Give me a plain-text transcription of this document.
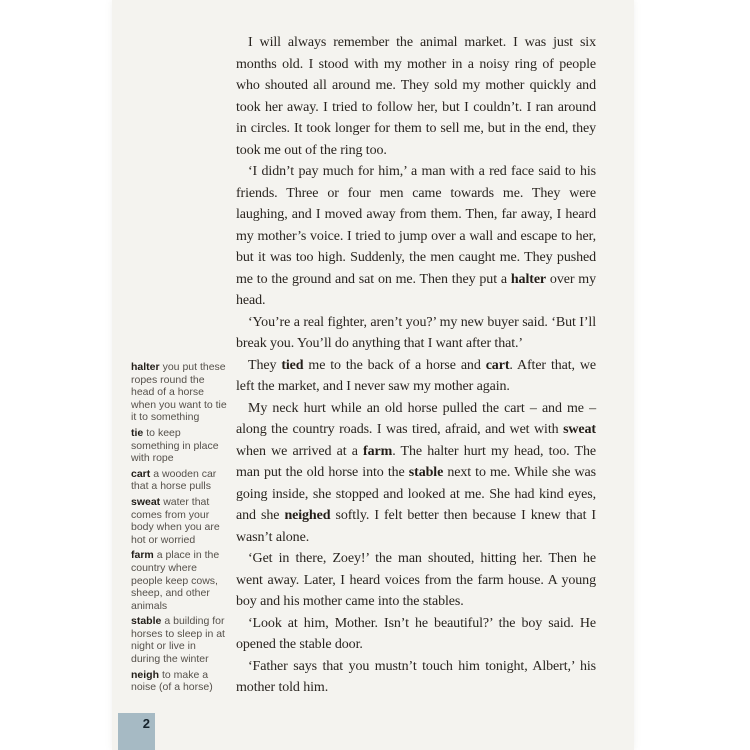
halter you put these ropes round the head of a horse when you want to tie it to something
tie to keep something in place with rope
cart a wooden car that a horse pulls
sweat water that comes from your body when you are hot or worried
farm a place in the country where people keep cows, sheep, and other animals
stable a building for horses to sleep in at night or live in during the winter
neigh to make a noise (of a horse)

I will always remember the animal market. I was just six months old. I stood with my mother in a noisy ring of people who shouted all around me. They sold my mother quickly and took her away. I tried to follow her, but I couldn’t. I ran around in circles. It took longer for them to sell me, but in the end, they took me out of the ring too.

‘I didn’t pay much for him,’ a man with a red face said to his friends. Three or four men came towards me. They were laughing, and I moved away from them. Then, far away, I heard my mother’s voice. I tried to jump over a wall and escape to her, but it was too high. Suddenly, the men caught me. They pushed me to the ground and sat on me. Then they put a halter over my head.

‘You’re a real fighter, aren’t you?’ my new buyer said. ‘But I’ll break you. You’ll do anything that I want after that.’

They tied me to the back of a horse and cart. After that, we left the market, and I never saw my mother again.

My neck hurt while an old horse pulled the cart – and me – along the country roads. I was tired, afraid, and wet with sweat when we arrived at a farm. The halter hurt my head, too. The man put the old horse into the stable next to me. While she was going inside, she stopped and looked at me. She had kind eyes, and she neighed softly. I felt better then because I knew that I wasn’t alone.

‘Get in there, Zoey!’ the man shouted, hitting her. Then he went away. Later, I heard voices from the farm house. A young boy and his mother came into the stables.

‘Look at him, Mother. Isn’t he beautiful?’ the boy said. He opened the stable door.

‘Father says that you mustn’t touch him tonight, Albert,’ his mother told him.

2
